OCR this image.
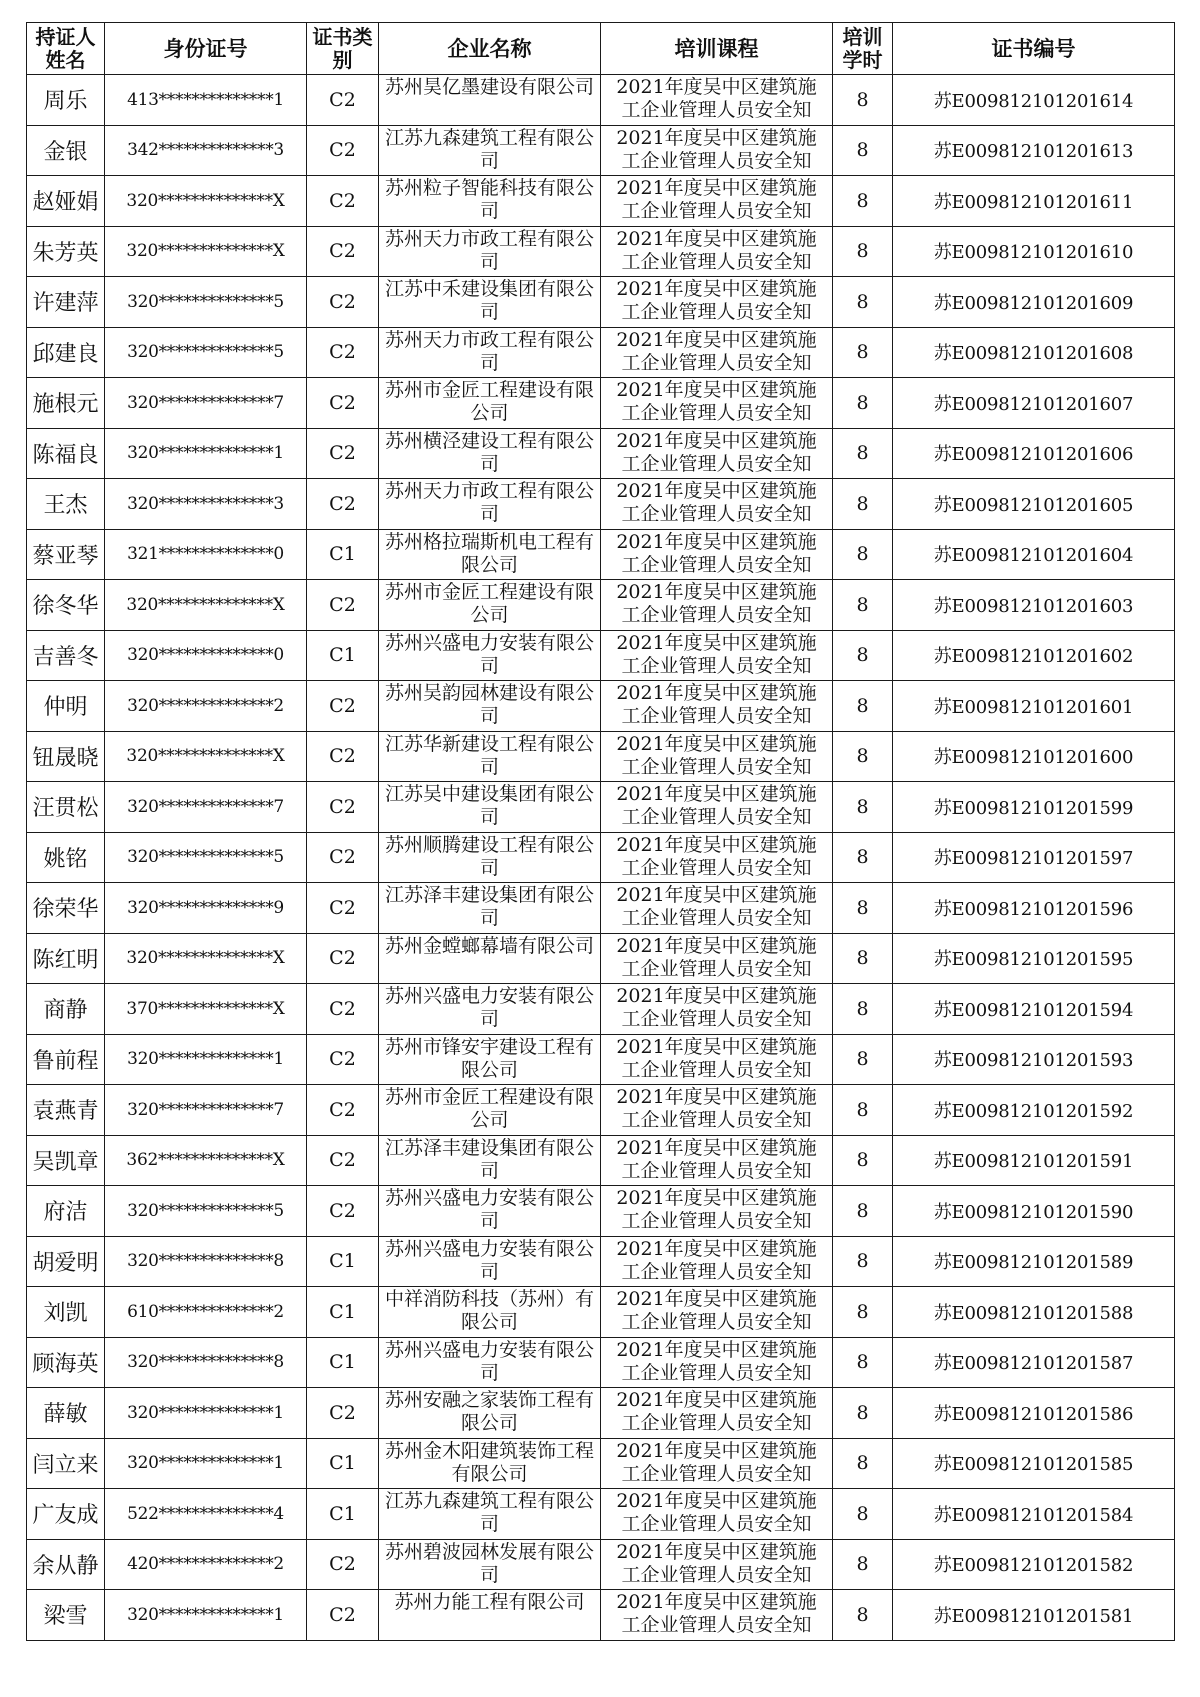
持证人姓名	身份证号	证书类别	企业名称	培训课程	培训学时	证书编号
周乐	413**************1	C2	苏州昊亿墨建设有限公司	2021年度吴中区建筑施工企业管理人员安全知	8	苏E009812101201614
金银	342**************3	C2	江苏九森建筑工程有限公司	2021年度吴中区建筑施工企业管理人员安全知	8	苏E009812101201613
赵娅娟	320**************X	C2	苏州粒子智能科技有限公司	2021年度吴中区建筑施工企业管理人员安全知	8	苏E009812101201611
朱芳英	320**************X	C2	苏州天力市政工程有限公司	2021年度吴中区建筑施工企业管理人员安全知	8	苏E009812101201610
许建萍	320**************5	C2	江苏中禾建设集团有限公司	2021年度吴中区建筑施工企业管理人员安全知	8	苏E009812101201609
邱建良	320**************5	C2	苏州天力市政工程有限公司	2021年度吴中区建筑施工企业管理人员安全知	8	苏E009812101201608
施根元	320**************7	C2	苏州市金匠工程建设有限公司	2021年度吴中区建筑施工企业管理人员安全知	8	苏E009812101201607
陈福良	320**************1	C2	苏州横泾建设工程有限公司	2021年度吴中区建筑施工企业管理人员安全知	8	苏E009812101201606
王杰	320**************3	C2	苏州天力市政工程有限公司	2021年度吴中区建筑施工企业管理人员安全知	8	苏E009812101201605
蔡亚琴	321**************0	C1	苏州格拉瑞斯机电工程有限公司	2021年度吴中区建筑施工企业管理人员安全知	8	苏E009812101201604
徐冬华	320**************X	C2	苏州市金匠工程建设有限公司	2021年度吴中区建筑施工企业管理人员安全知	8	苏E009812101201603
吉善冬	320**************0	C1	苏州兴盛电力安装有限公司	2021年度吴中区建筑施工企业管理人员安全知	8	苏E009812101201602
仲明	320**************2	C2	苏州吴韵园林建设有限公司	2021年度吴中区建筑施工企业管理人员安全知	8	苏E009812101201601
钮晟晓	320**************X	C2	江苏华新建设工程有限公司	2021年度吴中区建筑施工企业管理人员安全知	8	苏E009812101201600
汪贯松	320**************7	C2	江苏吴中建设集团有限公司	2021年度吴中区建筑施工企业管理人员安全知	8	苏E009812101201599
姚铭	320**************5	C2	苏州顺腾建设工程有限公司	2021年度吴中区建筑施工企业管理人员安全知	8	苏E009812101201597
徐荣华	320**************9	C2	江苏泽丰建设集团有限公司	2021年度吴中区建筑施工企业管理人员安全知	8	苏E009812101201596
陈红明	320**************X	C2	苏州金螳螂幕墙有限公司	2021年度吴中区建筑施工企业管理人员安全知	8	苏E009812101201595
商静	370**************X	C2	苏州兴盛电力安装有限公司	2021年度吴中区建筑施工企业管理人员安全知	8	苏E009812101201594
鲁前程	320**************1	C2	苏州市锋安宇建设工程有限公司	2021年度吴中区建筑施工企业管理人员安全知	8	苏E009812101201593
袁燕青	320**************7	C2	苏州市金匠工程建设有限公司	2021年度吴中区建筑施工企业管理人员安全知	8	苏E009812101201592
吴凯章	362**************X	C2	江苏泽丰建设集团有限公司	2021年度吴中区建筑施工企业管理人员安全知	8	苏E009812101201591
府洁	320**************5	C2	苏州兴盛电力安装有限公司	2021年度吴中区建筑施工企业管理人员安全知	8	苏E009812101201590
胡爱明	320**************8	C1	苏州兴盛电力安装有限公司	2021年度吴中区建筑施工企业管理人员安全知	8	苏E009812101201589
刘凯	610**************2	C1	中祥消防科技（苏州）有限公司	2021年度吴中区建筑施工企业管理人员安全知	8	苏E009812101201588
顾海英	320**************8	C1	苏州兴盛电力安装有限公司	2021年度吴中区建筑施工企业管理人员安全知	8	苏E009812101201587
薛敏	320**************1	C2	苏州安融之家装饰工程有限公司	2021年度吴中区建筑施工企业管理人员安全知	8	苏E009812101201586
闫立来	320**************1	C1	苏州金木阳建筑装饰工程有限公司	2021年度吴中区建筑施工企业管理人员安全知	8	苏E009812101201585
广友成	522**************4	C1	江苏九森建筑工程有限公司	2021年度吴中区建筑施工企业管理人员安全知	8	苏E009812101201584
余从静	420**************2	C2	苏州碧波园林发展有限公司	2021年度吴中区建筑施工企业管理人员安全知	8	苏E009812101201582
梁雪	320**************1	C2	苏州力能工程有限公司	2021年度吴中区建筑施工企业管理人员安全知	8	苏E009812101201581
